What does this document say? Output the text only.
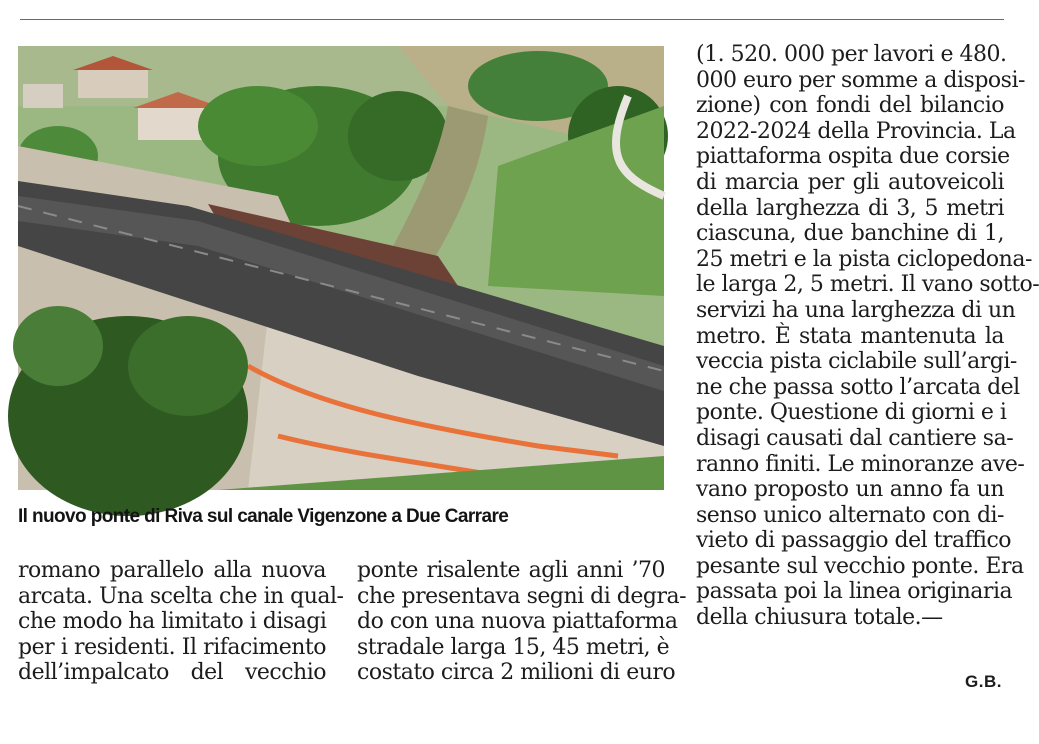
Il nuovo ponte di Riva sul canale Vigenzone a Due Carrare

romano parallelo alla nuova
arcata. Una scelta che in qual-
che modo ha limitato i disagi
per i residenti. Il rifacimento
dell’impalcato del vecchio

ponte risalente agli anni ’70
che presentava segni di degra-
do con una nuova piattaforma
stradale larga 15, 45 metri, è
costato circa 2 milioni di euro

(1. 520. 000 per lavori e 480.
000 euro per somme a disposi-
zione) con fondi del bilancio
2022-2024 della Provincia. La
piattaforma ospita due corsie
di marcia per gli autoveicoli
della larghezza di 3, 5 metri
ciascuna, due banchine di 1,
25 metri e la pista ciclopedona-
le larga 2, 5 metri. Il vano sotto-
servizi ha una larghezza di un
metro. È stata mantenuta la
veccia pista ciclabile sull’argi-
ne che passa sotto l’arcata del
ponte. Questione di giorni e i
disagi causati dal cantiere sa-
ranno finiti. Le minoranze ave-
vano proposto un anno fa un
senso unico alternato con di-
vieto di passaggio del traffico
pesante sul vecchio ponte. Era
passata poi la linea originaria
della chiusura totale.—

G.B.
